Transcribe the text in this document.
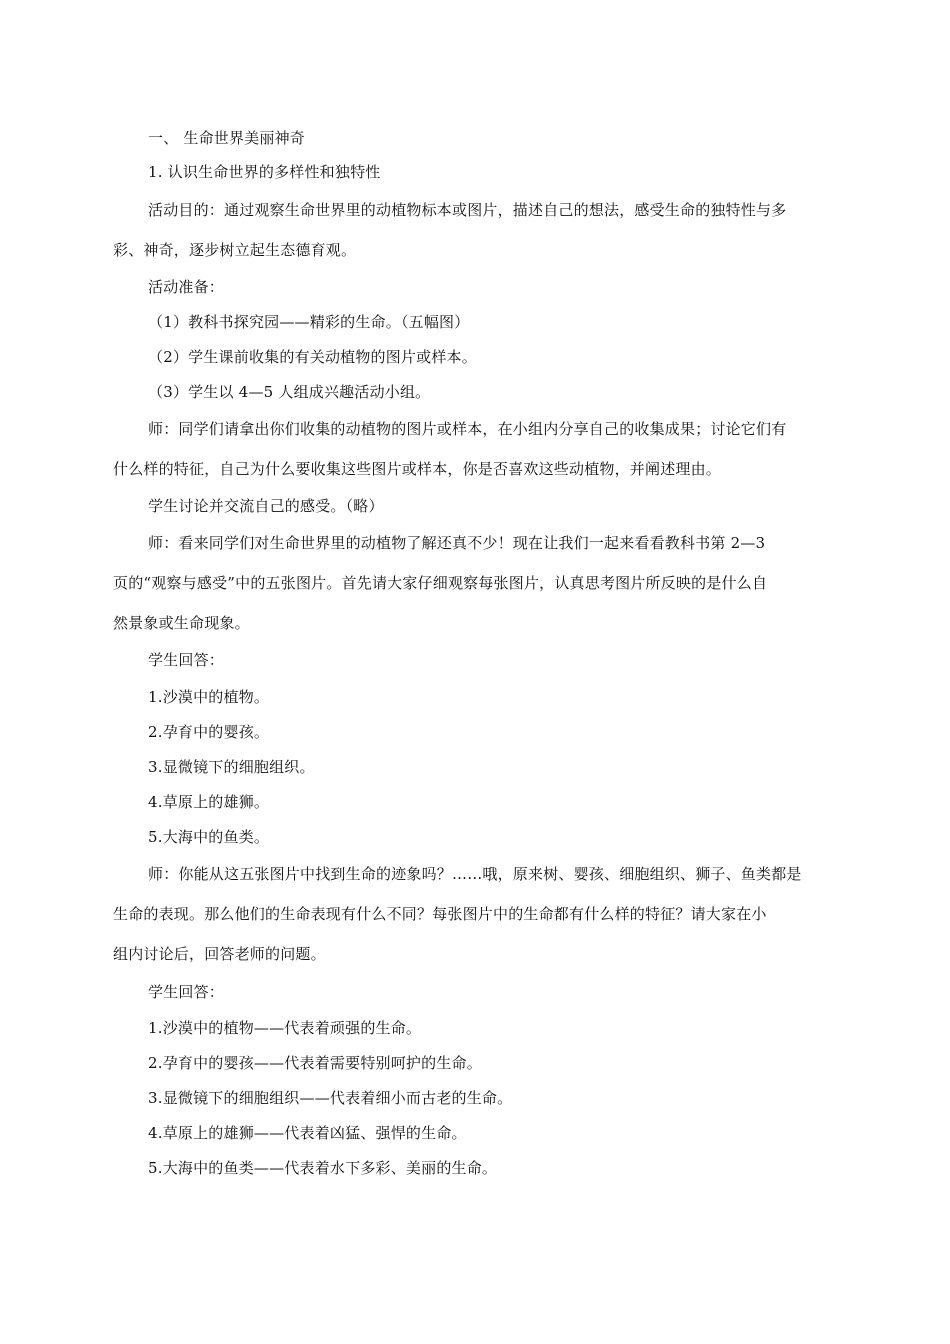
一、 生命世界美丽神奇
1. 认识生命世界的多样性和独特性
活动目的：通过观察生命世界里的动植物标本或图片，描述自己的想法，感受生命的独特性与多
彩、神奇，逐步树立起生态德育观。
活动准备：
（1）教科书探究园——精彩的生命。（五幅图）
（2）学生课前收集的有关动植物的图片或样本。
（3）学生以 4—5 人组成兴趣活动小组。
师：同学们请拿出你们收集的动植物的图片或样本，在小组内分享自己的收集成果；讨论它们有
什么样的特征，自己为什么要收集这些图片或样本，你是否喜欢这些动植物，并阐述理由。
学生讨论并交流自己的感受。（略）
师：看来同学们对生命世界里的动植物了解还真不少！现在让我们一起来看看教科书第 2—3
页的“观察与感受”中的五张图片。首先请大家仔细观察每张图片，认真思考图片所反映的是什么自
然景象或生命现象。
学生回答：
1.沙漠中的植物。
2.孕育中的婴孩。
3.显微镜下的细胞组织。
4.草原上的雄狮。
5.大海中的鱼类。
师：你能从这五张图片中找到生命的迹象吗？……哦，原来树、婴孩、细胞组织、狮子、鱼类都是
生命的表现。那么他们的生命表现有什么不同？每张图片中的生命都有什么样的特征？请大家在小
组内讨论后，回答老师的问题。
学生回答：
1.沙漠中的植物——代表着顽强的生命。
2.孕育中的婴孩——代表着需要特别呵护的生命。
3.显微镜下的细胞组织——代表着细小而古老的生命。
4.草原上的雄狮——代表着凶猛、强悍的生命。
5.大海中的鱼类——代表着水下多彩、美丽的生命。
